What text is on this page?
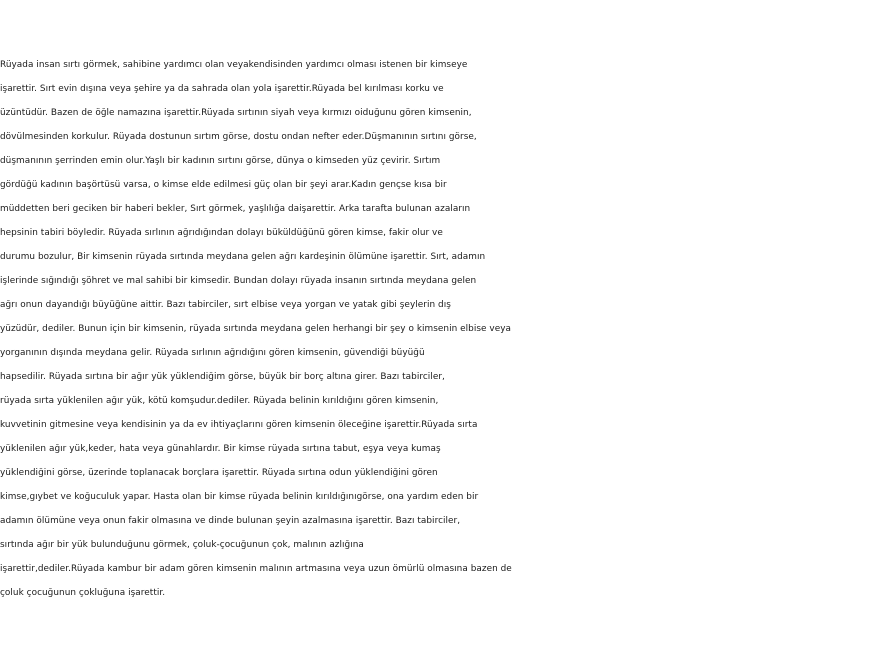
Rüyada insan sırtı görmek, sahibine yardımcı olan veyakendisinden yardımcı olması istenen bir kimseye
işarettir. Sırt evin dışına veya şehire ya da sahrada olan yola işarettir.Rüyada bel kırılması korku ve
üzüntüdür. Bazen de öğle namazına işarettir.Rüyada sırtının siyah veya kırmızı oiduğunu gören kimsenin,
dövülmesinden korkulur. Rüyada dostunun sırtım görse, dostu ondan nefter eder.Düşmanının sırtını görse,
düşmanının şerrinden emin olur.Yaşlı bir kadının sırtını görse, dünya o kimseden yüz çevirir. Sırtım
gördüğü kadının başörtüsü varsa, o kimse elde edilmesi güç olan bir şeyi arar.Kadın gençse kısa bir
müddetten beri geciken bir haberi bekler, Sırt görmek, yaşlılığa daişarettir. Arka tarafta bulunan azaların
hepsinin tabiri böyledir. Rüyada sırlının ağrıdığından dolayı büküldüğünü gören kimse, fakir olur ve
durumu bozulur, Bir kimsenin rüyada sırtında meydana gelen ağrı kardeşinin ölümüne işarettir. Sırt, adamın
işlerinde sığındığı şöhret ve mal sahibi bir kimsedir. Bundan dolayı rüyada insanın sırtında meydana gelen
ağrı onun dayandığı büyüğüne aittir. Bazı tabirciler, sırt elbise veya yorgan ve yatak gibi şeylerin dış
yüzüdür, dediler. Bunun için bir kimsenin, rüyada sırtında meydana gelen herhangi bir şey o kimsenin elbise veya
yorganının dışında meydana gelir. Rüyada sırlının ağrıdığını gören kimsenin, güvendiği büyüğü
hapsedilir. Rüyada sırtına bir ağır yük yüklendiğim görse, büyük bir borç altına girer. Bazı tabirciler,
rüyada sırta yüklenilen ağır yük, kötü komşudur.dediler. Rüyada belinin kırıldığını gören kimsenin,
kuvvetinin gitmesine veya kendisinin ya da ev ihtiyaçlarını gören kimsenin öleceğine işarettir.Rüyada sırta
yüklenilen ağır yük,keder, hata veya günahlardır. Bir kimse rüyada sırtına tabut, eşya veya kumaş
yüklendiğini görse, üzerinde toplanacak borçlara işarettir. Rüyada sırtına odun yüklendiğini gören
kimse,gıybet ve koğuculuk yapar. Hasta olan bir kimse rüyada belinin kırıldığınıgörse, ona yardım eden bir
adamın ölümüne veya onun fakir olmasına ve dinde bulunan şeyin azalmasına işarettir. Bazı tabirciler,
sırtında ağır bir yük bulunduğunu görmek, çoluk-çocuğunun çok, malının azlığına
işarettir,dediler.Rüyada kambur bir adam gören kimsenin malının artmasına veya uzun ömürlü olmasına bazen de
çoluk çocuğunun çokluğuna işarettir.
